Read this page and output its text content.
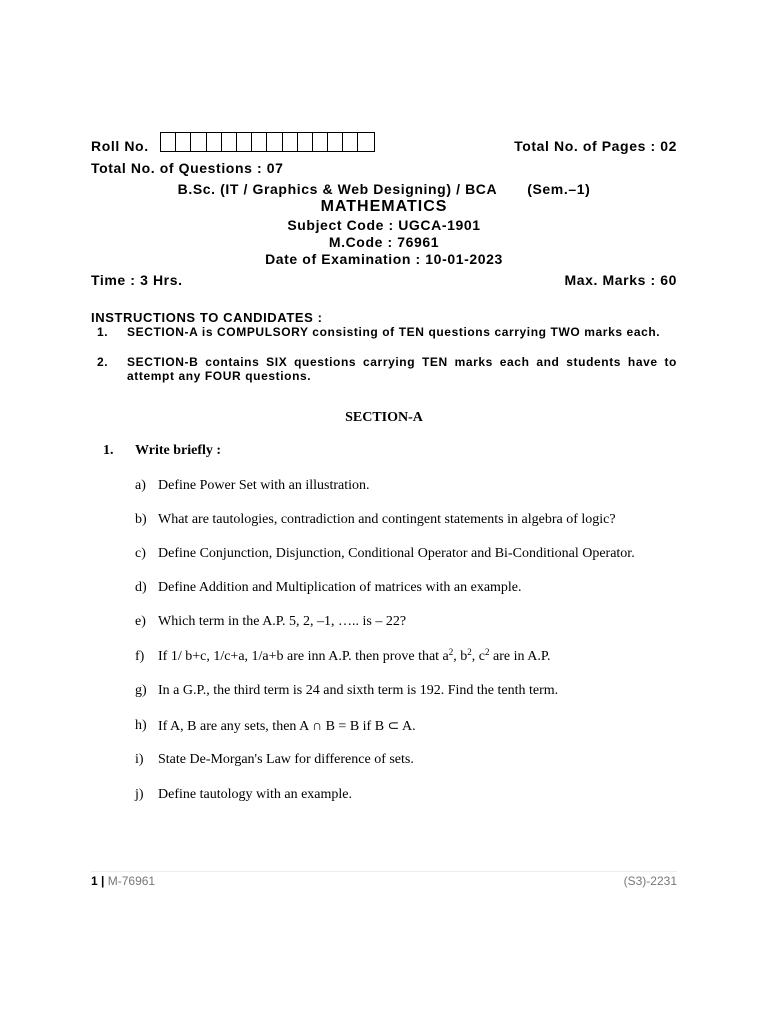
Roll No.	Total No. of Pages : 02
Total No. of Questions : 07
B.Sc. (IT / Graphics & Web Designing) / BCA (Sem.–1)
MATHEMATICS
Subject Code : UGCA-1901
M.Code : 76961
Date of Examination : 10-01-2023
Time : 3 Hrs.	Max. Marks : 60
INSTRUCTIONS TO CANDIDATES :
1. SECTION-A is COMPULSORY consisting of TEN questions carrying TWO marks each.
2. SECTION-B contains SIX questions carrying TEN marks each and students have to attempt any FOUR questions.
SECTION-A
1. Write briefly :
a) Define Power Set with an illustration.
b) What are tautologies, contradiction and contingent statements in algebra of logic?
c) Define Conjunction, Disjunction, Conditional Operator and Bi-Conditional Operator.
d) Define Addition and Multiplication of matrices with an example.
e) Which term in the A.P. 5, 2, –1, ….. is – 22?
f) If 1/ b+c, 1/c+a, 1/a+b are inn A.P. then prove that $a^2$, $b^2$, $c^2$ are in A.P.
g) In a G.P., the third term is 24 and sixth term is 192. Find the tenth term.
h) If A, B are any sets, then A ∩ B = B if B ⊂ A.
i) State De-Morgan's Law for difference of sets.
j) Define tautology with an example.
1 | M-76961	(S3)-2231
